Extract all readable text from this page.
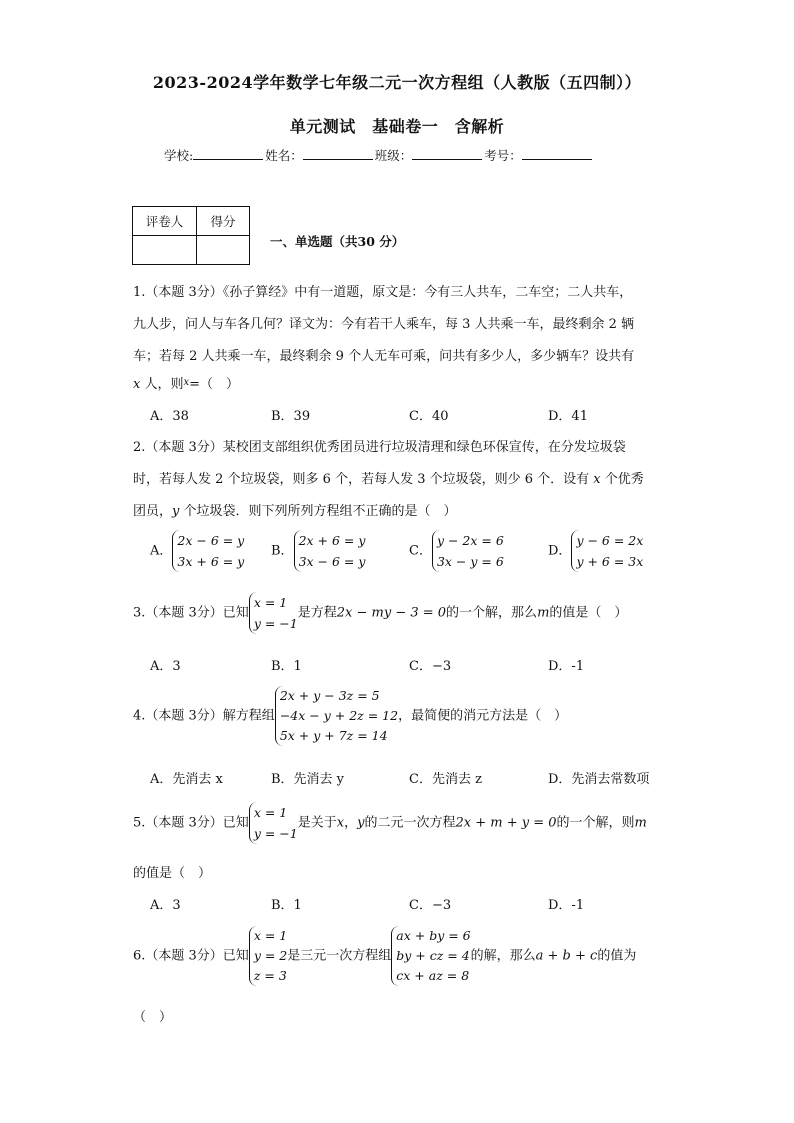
2023-2024学年数学七年级二元一次方程组（人教版（五四制））
单元测试　基础卷一　含解析
学校:	姓名：	班级：	考号：
评卷人	得分

一、单选题（共30 分）
1.（本题 3分）《孙子算经》中有一道题，原文是：今有三人共车，二车空；二人共车，
九人步，问人与车各几何？译文为：今有若干人乘车，每 3 人共乘一车，最终剩余 2 辆
车；若每 2 人共乘一车，最终剩余 9 个人无车可乘，问共有多少人，多少辆车？设共有
x 人，则$^x$=（　）
A．38	B．39	C．40	D．41
2.（本题 3分）某校团支部组织优秀团员进行垃圾清理和绿色环保宣传，在分发垃圾袋
时，若每人发 2 个垃圾袋，则多 6 个，若每人发 3 个垃圾袋，则少 6 个．设有 x 个优秀
团员，y 个垃圾袋．则下列所列方程组不正确的是（　）
A．2x − 6 = y
3x + 6 = y
B．2x + 6 = y
3x − 6 = y
C．y − 2x = 6
3x − y = 6
D．y − 6 = 2x
y + 6 = 3x
3.（本题 3分）已知x = 1
y = −1是方程2x − my − 3 = 0的一个解，那么m的值是（　）
A．3	B．1	C．−3	D．-1
4.（本题 3分）解方程组2x + y − 3z = 5
−4x − y + 2z = 12
5x + y + 7z = 14，最简便的消元方法是（　）
A．先消去 x	B．先消去 y	C．先消去 z	D．先消去常数项
5.（本题 3分）已知x = 1
y = −1是关于x，y的二元一次方程2x + m + y = 0的一个解，则m
的值是（　）
A．3	B．1	C．−3	D．-1
6.（本题 3分）已知x = 1
y = 2
z = 3是三元一次方程组ax + by = 6
by + cz = 4
cx + az = 8的解，那么a + b + c的值为
（　）
